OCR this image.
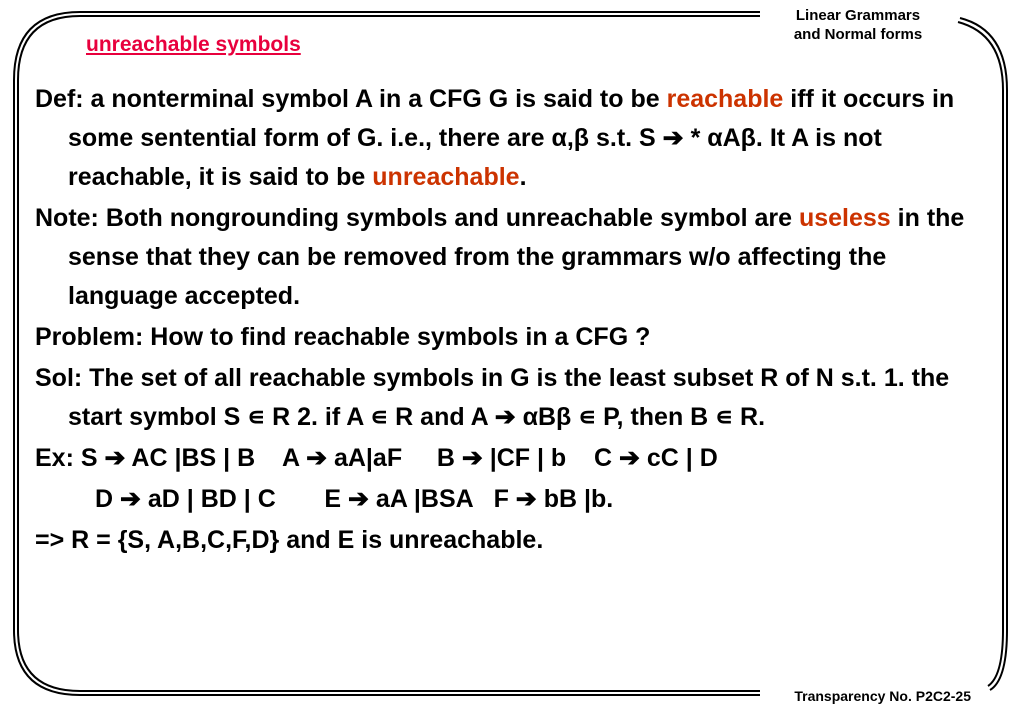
Linear Grammars
and Normal forms
unreachable symbols
Def: a nonterminal symbol A in a CFG G is said to be reachable iff it occurs in some sentential form of G. i.e., there are α,β s.t. S ➔ * αAβ. It A is not reachable, it is said to be unreachable.
Note: Both nongrounding symbols and unreachable symbol are useless in the sense that they can be removed from the grammars w/o affecting the language accepted.
Problem: How to find reachable symbols in a CFG ?
Sol: The set of all reachable symbols in G is the least subset R of N s.t. 1. the start symbol S ∊ R 2. if A ∊ R and A ➔ αBβ ∊ P, then B ∊ R.
Ex: S ➔ AC |BS | B    A ➔ aA|aF     B ➔ |CF | b    C ➔ cC | D
D ➔ aD | BD | C       E ➔ aA |BSA   F ➔ bB |b.
=> R = {S, A,B,C,F,D} and E is unreachable.
Transparency No. P2C2-25
